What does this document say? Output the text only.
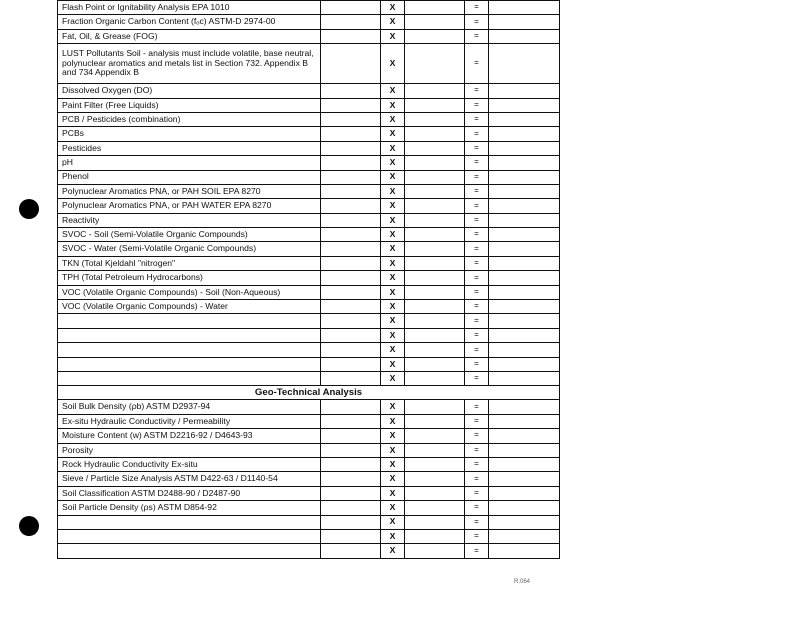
Flash Point or Ignitability Analysis EPA 1010		X		=	
Fraction Organic Carbon Content (fₒc) ASTM-D 2974-00		X		=	
Fat, Oil, & Grease (FOG)		X		=	
LUST Pollutants Soil - analysis must include volatile, base neutral, polynuclear aromatics and metals list in Section 732. Appendix B and 734 Appendix B		X		=	
Dissolved Oxygen (DO)		X		=	
Paint Filter (Free Liquids)		X		=	
PCB / Pesticides (combination)		X		=	
PCBs		X		=	
Pesticides		X		=	
pH		X		=	
Phenol		X		=	
Polynuclear Aromatics PNA, or PAH SOIL EPA 8270		X		=	
Polynuclear Aromatics PNA, or PAH WATER EPA 8270		X		=	
Reactivity		X		=	
SVOC - Soil (Semi-Volatile Organic Compounds)		X		=	
SVOC - Water (Semi-Volatile Organic Compounds)		X		=	
TKN (Total Kjeldahl "nitrogen"		X		=	
TPH (Total Petroleum Hydrocarbons)		X		=	
VOC (Volatile Organic Compounds) - Soil (Non-Aqueous)		X		=	
VOC (Volatile Organic Compounds) - Water		X		=	
		X		=	
		X		=	
		X		=	
		X		=	
		X		=	
Geo-Technical Analysis					
Soil Bulk Density (ρb) ASTM D2937-94		X		=	
Ex-situ Hydraulic Conductivity / Permeability		X		=	
Moisture Content (w) ASTM D2216-92 / D4643-93		X		=	
Porosity		X		=	
Rock Hydraulic Conductivity Ex-situ		X		=	
Sieve / Particle Size Analysis ASTM D422-63 / D1140-54		X		=	
Soil Classification ASTM D2488-90 / D2487-90		X		=	
Soil Particle Density (ρs) ASTM D854-92		X		=	
		X		=	
		X		=	
		X		=	
R.064
